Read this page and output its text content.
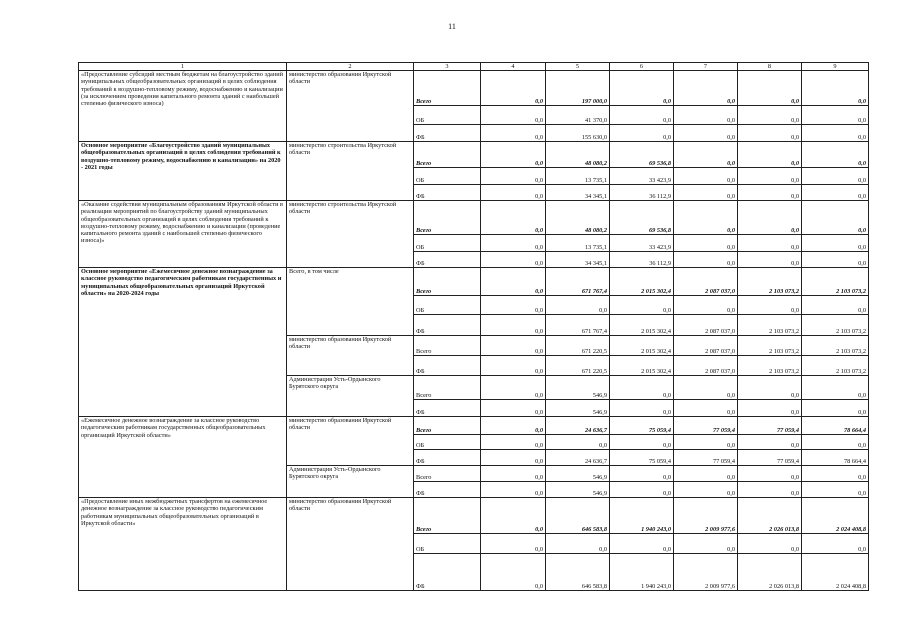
11
1	2	3	4	5	6	7	8	9
«Предоставление субсидий местным бюджетам на благоустройство зданий муниципальных общеобразовательных организаций в целях соблюдения требований к воздушно-тепловому режиму, водоснабжению и канализации (за исключением проведения капитального ремонта зданий с наибольшей степенью физического износа)	министерство образования Иркутской области	Всего	0,0	197 000,0	0,0	0,0	0,0	0,0
		ОБ	0,0	41 370,0	0,0	0,0	0,0	0,0
		ФБ	0,0	155 630,0	0,0	0,0	0,0	0,0
Основное мероприятие «Благоустройство зданий муниципальных общеобразовательных организаций в целях соблюдения требований к воздушно-тепловому режиму, водоснабжению и канализации» на 2020 - 2021 годы	министерство строительства Иркутской области	Всего	0,0	48 080,2	69 536,8	0,0	0,0	0,0
		ОБ	0,0	13 735,1	33 423,9	0,0	0,0	0,0
		ФБ	0,0	34 345,1	36 112,9	0,0	0,0	0,0
«Оказание содействия муниципальным образованиям Иркутской области в реализации мероприятий по благоустройству зданий муниципальных общеобразовательных организаций в целях соблюдения требований к воздушно-тепловому режиму, водоснабжению и канализации (проведение капитального ремонта зданий с наибольшей степенью физического износа)»	министерство строительства Иркутской области	Всего	0,0	48 080,2	69 536,8	0,0	0,0	0,0
		ОБ	0,0	13 735,1	33 423,9	0,0	0,0	0,0
		ФБ	0,0	34 345,1	36 112,9	0,0	0,0	0,0
Основное мероприятие «Ежемесячное денежное вознаграждение за классное руководство педагогическим работникам государственных и муниципальных общеобразовательных организаций Иркутской области» на 2020-2024 годы	Всего, в том числе	Всего	0,0	671 767,4	2 015 302,4	2 087 037,0	2 103 073,2	2 103 073,2
		ОБ	0,0	0,0	0,0	0,0	0,0	0,0
		ФБ	0,0	671 767,4	2 015 302,4	2 087 037,0	2 103 073,2	2 103 073,2
	министерство образования Иркутской области	Всего	0,0	671 220,5	2 015 302,4	2 087 037,0	2 103 073,2	2 103 073,2
		ФБ	0,0	671 220,5	2 015 302,4	2 087 037,0	2 103 073,2	2 103 073,2
	Администрация Усть-Ордынского Бурятского округа	Всего	0,0	546,9	0,0	0,0	0,0	0,0
		ФБ	0,0	546,9	0,0	0,0	0,0	0,0
«Ежемесячное денежное вознаграждение за классное руководство педагогическим работникам государственных общеобразовательных организаций Иркутской области»	министерство образования Иркутской области	Всего	0,0	24 636,7	75 059,4	77 059,4	77 059,4	78 664,4
		ОБ	0,0	0,0	0,0	0,0	0,0	0,0
		ФБ	0,0	24 636,7	75 059,4	77 059,4	77 059,4	78 664,4
	Администрация Усть-Ордынского Бурятского округа	Всего	0,0	546,9	0,0	0,0	0,0	0,0
		ФБ	0,0	546,9	0,0	0,0	0,0	0,0
«Предоставление иных межбюджетных трансфертов на ежемесячное денежное вознаграждение за классное руководство педагогическим работникам муниципальных общеобразовательных организаций в Иркутской области»	министерство образования Иркутской области	Всего	0,0	646 583,8	1 940 243,0	2 009 977,6	2 026 013,8	2 024 408,8
		ОБ	0,0	0,0	0,0	0,0	0,0	0,0
		ФБ	0,0	646 583,8	1 940 243,0	2 009 977,6	2 026 013,8	2 024 408,8
